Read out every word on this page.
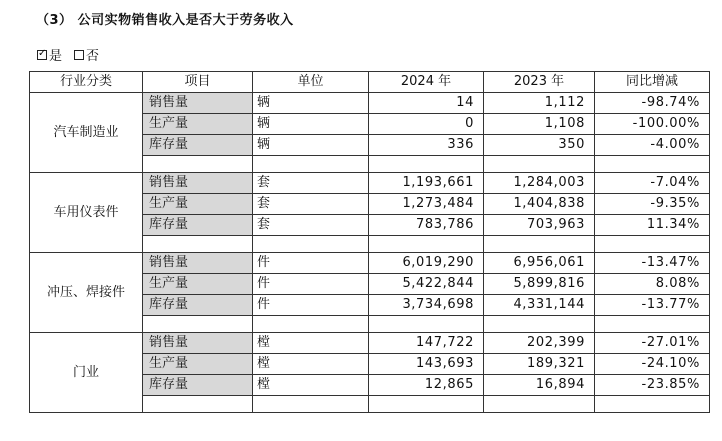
（3） 公司实物销售收入是否大于劳务收入
✓
是 否
行业分类	项目	单位	2024 年	2023 年	同比增减
汽车制造业	销售量	辆	14	1,112	-98.74%
	生产量	辆	0	1,108	-100.00%
	库存量	辆	336	350	-4.00%

车用仪表件	销售量	套	1,193,661	1,284,003	-7.04%
	生产量	套	1,273,484	1,404,838	-9.35%
	库存量	套	783,786	703,963	11.34%

冲压、焊接件	销售量	件	6,019,290	6,956,061	-13.47%
	生产量	件	5,422,844	5,899,816	8.08%
	库存量	件	3,734,698	4,331,144	-13.77%

门业	销售量	樘	147,722	202,399	-27.01%
	生产量	樘	143,693	189,321	-24.10%
	库存量	樘	12,865	16,894	-23.85%
